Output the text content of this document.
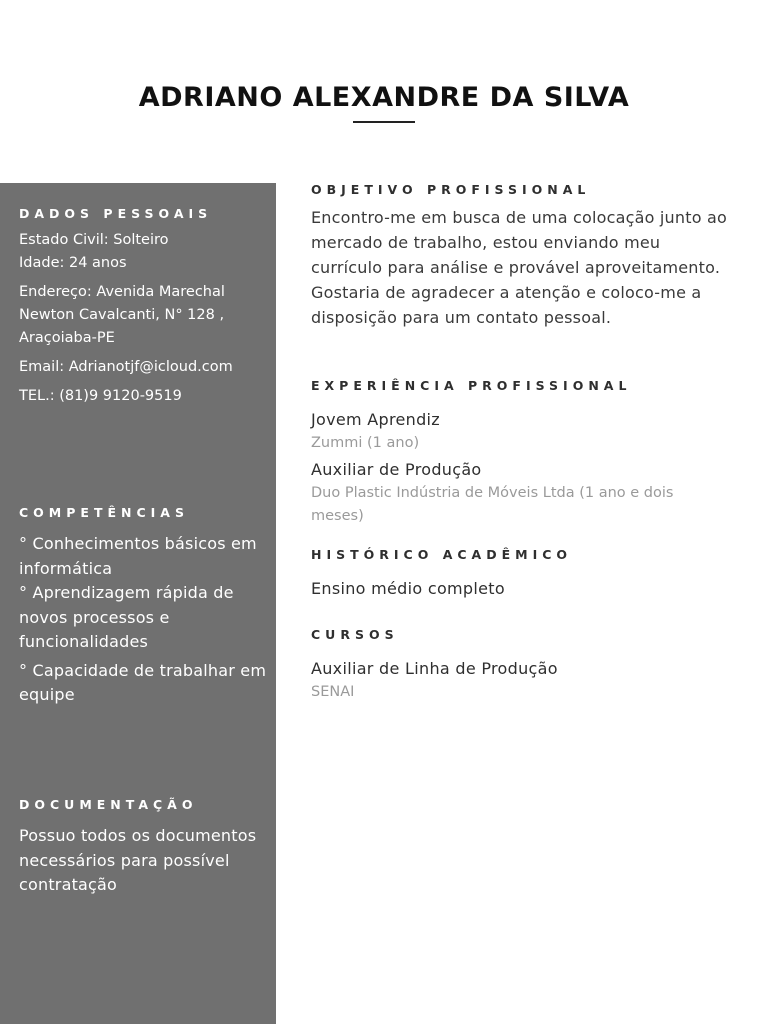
ADRIANO ALEXANDRE DA SILVA

DADOS PESSOAIS

Estado Civil: Solteiro

Idade: 24 anos

Endereço: Avenida Marechal

Newton Cavalcanti, N° 128 ,

Araçoiaba-PE

Email: Adrianotjf@icloud.com

TEL.: (81)9 9120-9519

COMPETÊNCIAS

° Conhecimentos básicos em informática

° Aprendizagem rápida de novos processos e funcionalidades

° Capacidade de trabalhar em equipe

DOCUMENTAÇÃO

Possuo todos os documentos necessários para possível contratação

OBJETIVO PROFISSIONAL

Encontro-me em busca de uma colocação junto ao mercado de trabalho, estou enviando meu currículo para análise e provável aproveitamento. Gostaria de agradecer a atenção e coloco-me a disposição para um contato pessoal.

EXPERIÊNCIA PROFISSIONAL

Jovem Aprendiz

Zummi (1 ano)

Auxiliar de Produção

Duo Plastic Indústria de Móveis Ltda (1 ano e dois meses)

HISTÓRICO ACADÊMICO

Ensino médio completo

CURSOS

Auxiliar de Linha de Produção

SENAI
